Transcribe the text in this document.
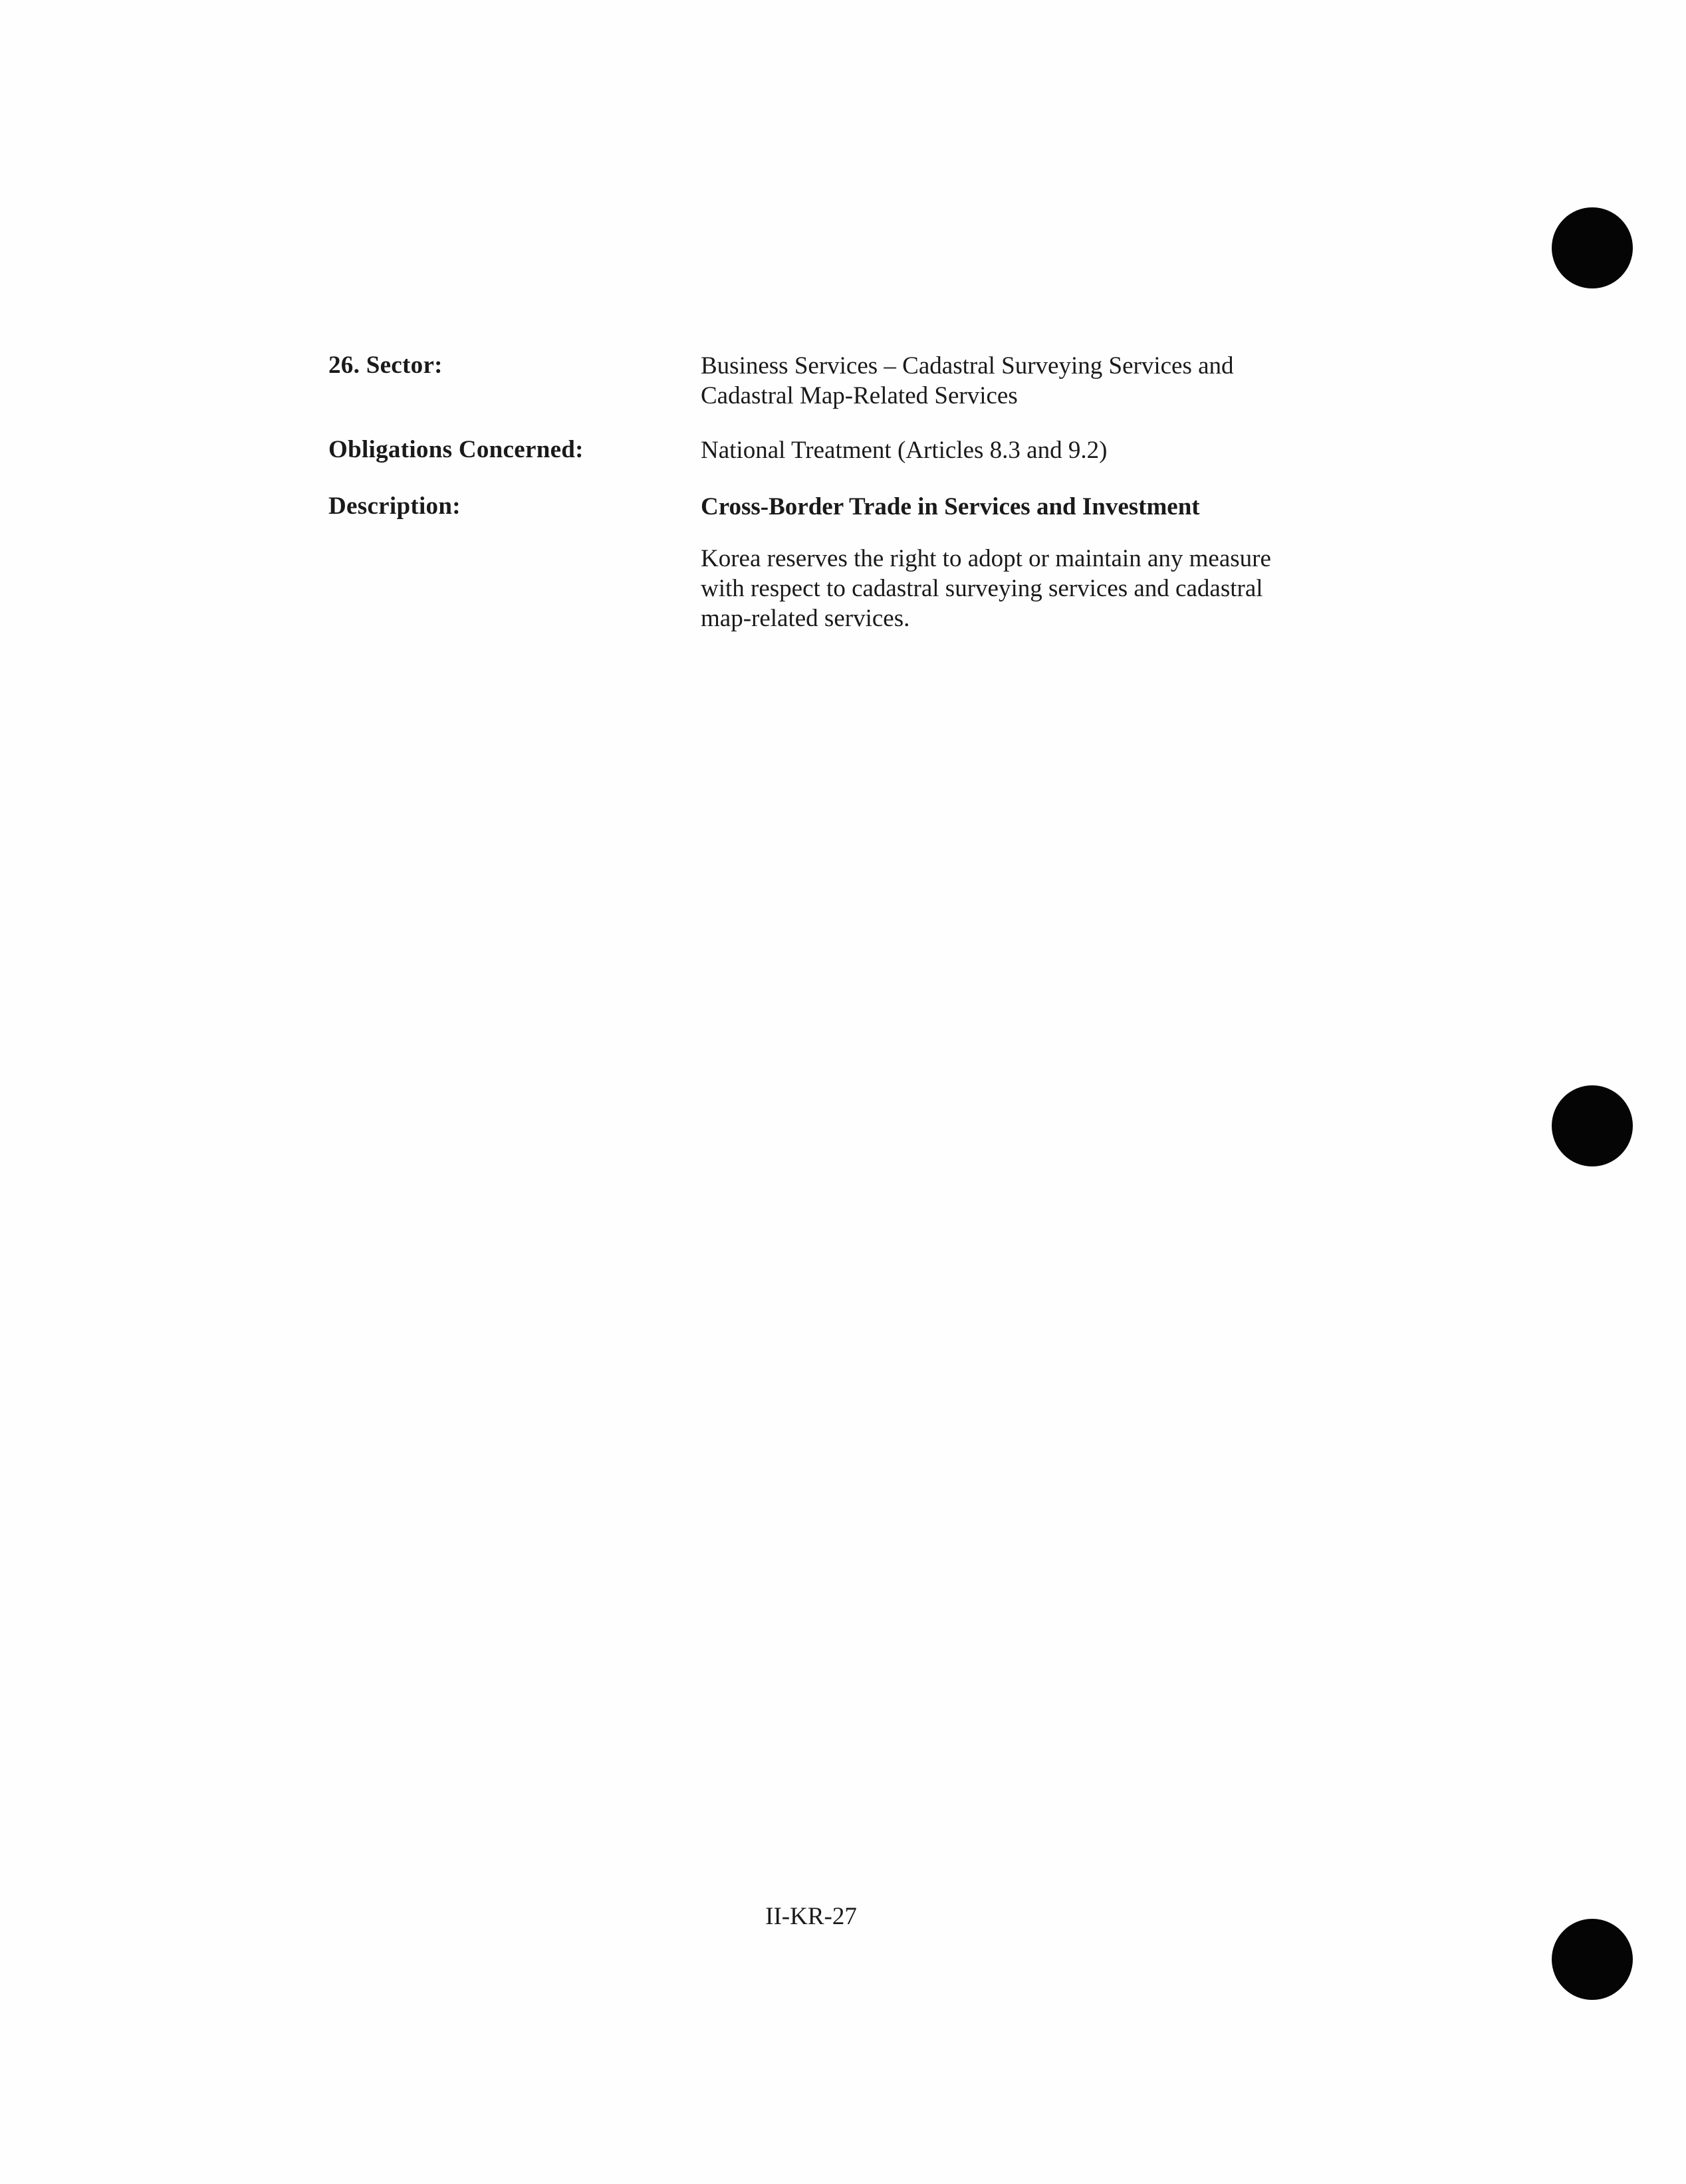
26. Sector:	Business Services – Cadastral Surveying Services and
Cadastral Map-Related Services
Obligations Concerned:	National Treatment (Articles 8.3 and 9.2)
Description:	Cross-Border Trade in Services and Investment
Korea reserves the right to adopt or maintain any measure
with respect to cadastral surveying services and cadastral
map-related services.
II-KR-27
